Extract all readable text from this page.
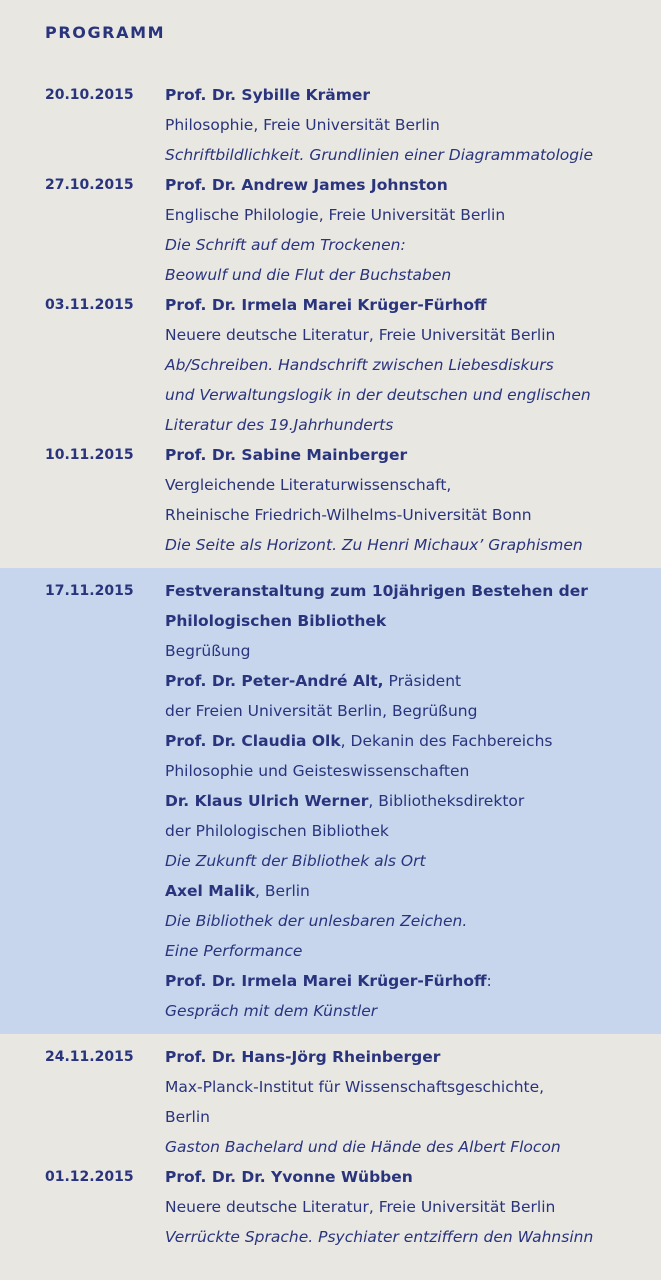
PROGRAMM
20.10.2015 Prof. Dr. Sybille Krämer
Philosophie, Freie Universität Berlin
Schriftbildlichkeit. Grundlinien einer Diagrammatologie
27.10.2015 Prof. Dr. Andrew James Johnston
Englische Philologie, Freie Universität Berlin
Die Schrift auf dem Trockenen:
Beowulf und die Flut der Buchstaben
03.11.2015 Prof. Dr. Irmela Marei Krüger-Fürhoff
Neuere deutsche Literatur, Freie Universität Berlin
Ab/Schreiben. Handschrift zwischen Liebesdiskurs
und Verwaltungslogik in der deutschen und englischen
Literatur des 19.Jahrhunderts
10.11.2015 Prof. Dr. Sabine Mainberger
Vergleichende Literaturwissenschaft,
Rheinische Friedrich-Wilhelms-Universität Bonn
Die Seite als Horizont. Zu Henri Michaux’ Graphismen
17.11.2015 Festveranstaltung zum 10jährigen Bestehen der
Philologischen Bibliothek
Begrüßung
Prof. Dr. Peter-André Alt, Präsident
der Freien Universität Berlin, Begrüßung
Prof. Dr. Claudia Olk, Dekanin des Fachbereichs
Philosophie und Geisteswissenschaften
Dr. Klaus Ulrich Werner, Bibliotheksdirektor
der Philologischen Bibliothek
Die Zukunft der Bibliothek als Ort
Axel Malik, Berlin
Die Bibliothek der unlesbaren Zeichen.
Eine Performance
Prof. Dr. Irmela Marei Krüger-Fürhoff:
Gespräch mit dem Künstler
24.11.2015 Prof. Dr. Hans-Jörg Rheinberger
Max-Planck-Institut für Wissenschaftsgeschichte,
Berlin
Gaston Bachelard und die Hände des Albert Flocon
01.12.2015 Prof. Dr. Dr. Yvonne Wübben
Neuere deutsche Literatur, Freie Universität Berlin
Verrückte Sprache. Psychiater entziffern den Wahnsinn
